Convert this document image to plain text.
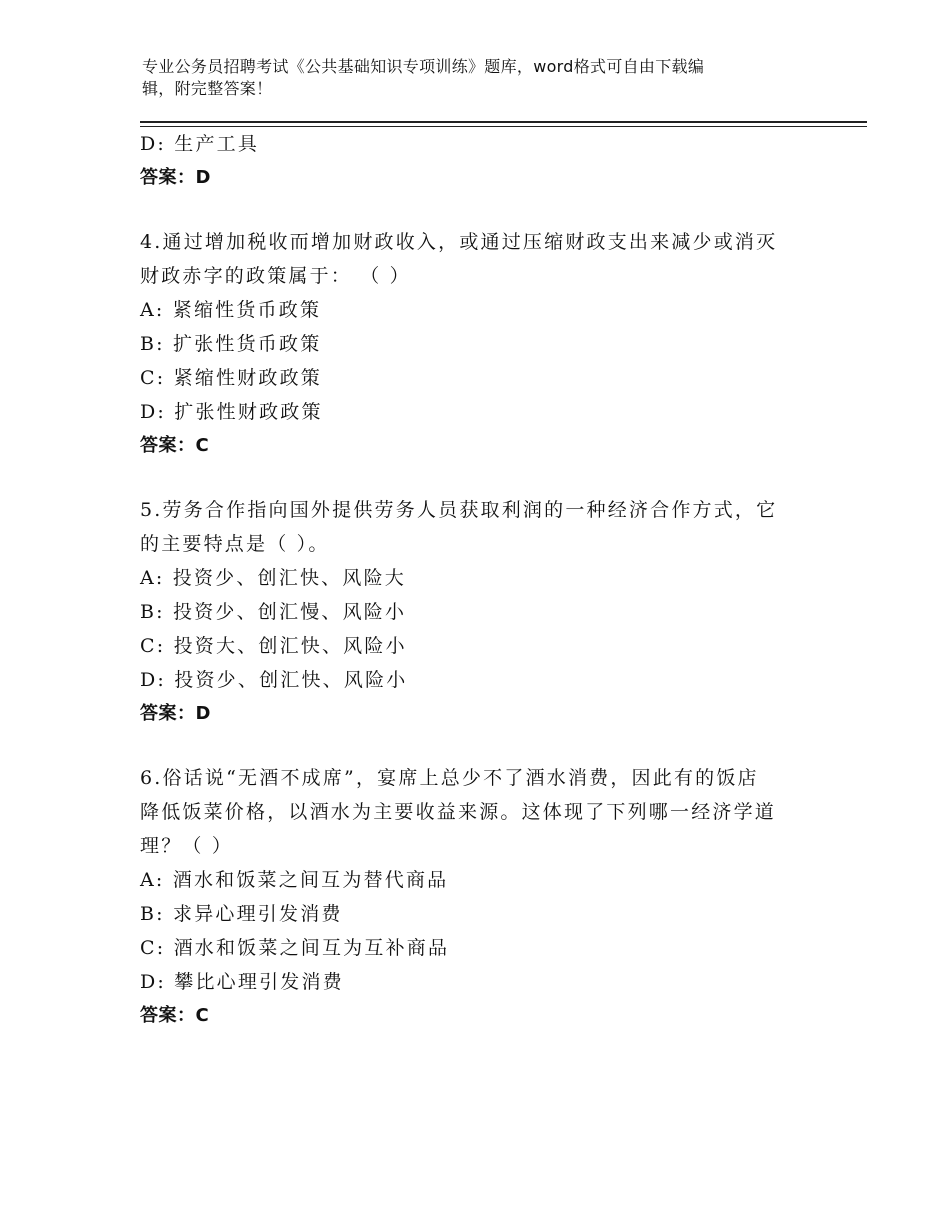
专业公务员招聘考试《公共基础知识专项训练》题库，word格式可自由下载编
辑，附完整答案！
D: 生产工具
答案：D
4.通过增加税收而增加财政收入，或通过压缩财政支出来减少或消灭
财政赤字的政策属于： （ ）
A: 紧缩性货币政策
B: 扩张性货币政策
C: 紧缩性财政政策
D: 扩张性财政政策
答案：C
5.劳务合作指向国外提供劳务人员获取利润的一种经济合作方式，它
的主要特点是（ ）。
A: 投资少、创汇快、风险大
B: 投资少、创汇慢、风险小
C: 投资大、创汇快、风险小
D: 投资少、创汇快、风险小
答案：D
6.俗话说“无酒不成席”，宴席上总少不了酒水消费，因此有的饭店
降低饭菜价格，以酒水为主要收益来源。这体现了下列哪一经济学道
理？（ ）
A: 酒水和饭菜之间互为替代商品
B: 求异心理引发消费
C: 酒水和饭菜之间互为互补商品
D: 攀比心理引发消费
答案：C
